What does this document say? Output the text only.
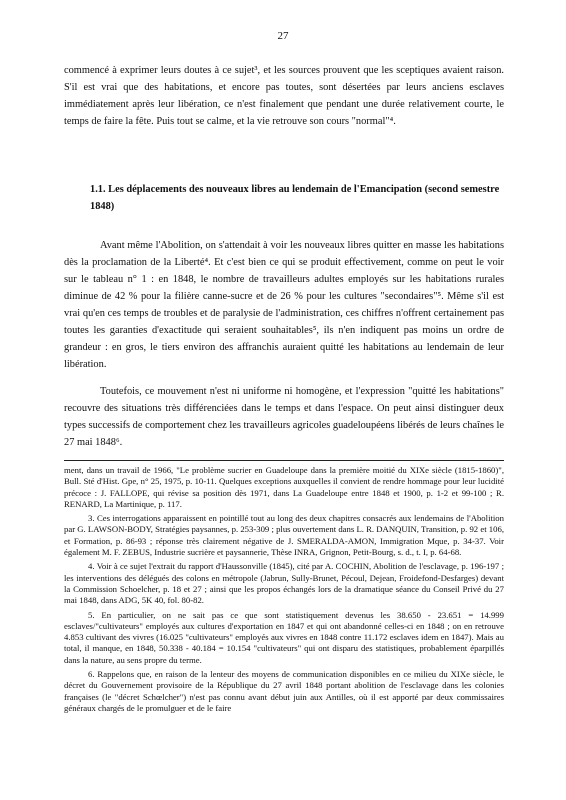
27

commencé à exprimer leurs doutes à ce sujet³, et les sources prouvent que les sceptiques avaient raison. S'il est vrai que des habitations, et encore pas toutes, sont désertées par leurs anciens esclaves immédiatement après leur libération, ce n'est finalement que pendant une durée relativement courte, le temps de faire la fête. Puis tout se calme, et la vie retrouve son cours "normal"⁴.

1.1. Les déplacements des nouveaux libres au lendemain de l'Emancipation (second semestre 1848)

Avant même l'Abolition, on s'attendait à voir les nouveaux libres quitter en masse les habitations dès la proclamation de la Liberté⁴. Et c'est bien ce qui se produit effectivement, comme on peut le voir sur le tableau n° 1 : en 1848, le nombre de travailleurs adultes employés sur les habitations rurales diminue de 42 % pour la filière canne-sucre et de 26 % pour les cultures "secondaires"⁵. Même s'il est vrai qu'en ces temps de troubles et de paralysie de l'administration, ces chiffres n'offrent certainement pas toutes les garanties d'exactitude qui seraient souhaitables⁵, ils n'en indiquent pas moins un ordre de grandeur : en gros, le tiers environ des affranchis auraient quitté les habitations au lendemain de leur libération.

Toutefois, ce mouvement n'est ni uniforme ni homogène, et l'expression "quitté les habitations" recouvre des situations très différenciées dans le temps et dans l'espace. On peut ainsi distinguer deux types successifs de comportement chez les travailleurs agricoles guadeloupéens libérés de leurs chaînes le 27 mai 1848⁶.

ment, dans un travail de 1966, "Le problème sucrier en Guadeloupe dans la première moitié du XIXe siècle (1815-1860)", Bull. Sté d'Hist. Gpe, n° 25, 1975, p. 10-11. Quelques exceptions auxquelles il convient de rendre hommage pour leur lucidité précoce : J. FALLOPE, qui révise sa position dès 1971, dans La Guadeloupe entre 1848 et 1900, p. 1-2 et 99-100 ; R. RENARD, La Martinique, p. 117.

3. Ces interrogations apparaissent en pointillé tout au long des deux chapitres consacrés aux lendemains de l'Abolition par G. LAWSON-BODY, Stratégies paysannes, p. 253-309 ; plus ouvertement dans L. R. DANQUIN, Transition, p. 92 et 106, et Formation, p. 86-93 ; réponse très clairement négative de J. SMERALDA-AMON, Immigration Mque, p. 34-37. Voir également M. F. ZEBUS, Industrie sucrière et paysannerie, Thèse INRA, Grignon, Petit-Bourg, s. d., t. I, p. 64-68.

4. Voir à ce sujet l'extrait du rapport d'Haussonville (1845), cité par A. COCHIN, Abolition de l'esclavage, p. 196-197 ; les interventions des délégués des colons en métropole (Jabrun, Sully-Brunet, Pécoul, Dejean, Froidefond-Desfarges) devant la Commission Schoelcher, p. 18 et 27 ; ainsi que les propos échangés lors de la dramatique séance du Conseil Privé du 27 mai 1848, dans ADG, 5K 40, fol. 80-82.

5. En particulier, on ne sait pas ce que sont statistiquement devenus les 38.650 - 23.651 = 14.999 esclaves/"cultivateurs" employés aux cultures d'exportation en 1847 et qui ont abandonné celles-ci en 1848 ; on en retrouve 4.853 cultivant des vivres (16.025 "cultivateurs" employés aux vivres en 1848 contre 11.172 esclaves idem en 1847). Mais au total, il manque, en 1848, 50.338 - 40.184 = 10.154 "cultivateurs" qui ont disparu des statistiques, probablement éparpillés dans la nature, au sens propre du terme.

6. Rappelons que, en raison de la lenteur des moyens de communication disponibles en ce milieu du XIXe siècle, le décret du Gouvernement provisoire de la République du 27 avril 1848 portant abolition de l'esclavage dans les colonies françaises (le "décret Schœlcher") n'est pas connu avant début juin aux Antilles, où il est apporté par deux commissaires généraux chargés de le promulguer et de le faire
